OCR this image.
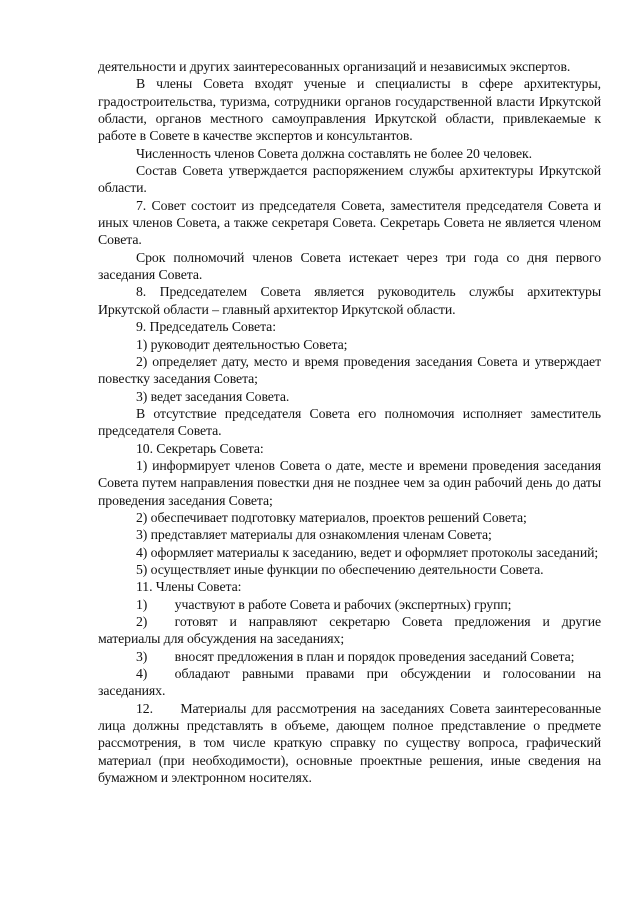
деятельности и других заинтересованных организаций и независимых экспертов.

В члены Совета входят ученые и специалисты в сфере архитектуры, градостроительства, туризма, сотрудники органов государственной власти Иркутской области, органов местного самоуправления Иркутской области, привлекаемые к работе в Совете в качестве экспертов и консультантов.

Численность членов Совета должна составлять не более 20 человек.

Состав Совета утверждается распоряжением службы архитектуры Иркутской области.

7. Совет состоит из председателя Совета, заместителя председателя Совета и иных членов Совета, а также секретаря Совета. Секретарь Совета не является членом Совета.

Срок полномочий членов Совета истекает через три года со дня первого заседания Совета.

8. Председателем Совета является руководитель службы архитектуры Иркутской области – главный архитектор Иркутской области.

9. Председатель Совета:

1) руководит деятельностью Совета;

2) определяет дату, место и время проведения заседания Совета и утверждает повестку заседания Совета;

3) ведет заседания Совета.

В отсутствие председателя Совета его полномочия исполняет заместитель председателя Совета.

10. Секретарь Совета:

1) информирует членов Совета о дате, месте и времени проведения заседания Совета путем направления повестки дня не позднее чем за один рабочий день до даты проведения заседания Совета;

2) обеспечивает подготовку материалов, проектов решений Совета;

3) представляет материалы для ознакомления членам Совета;

4) оформляет материалы к заседанию, ведет и оформляет протоколы заседаний;

5) осуществляет иные функции по обеспечению деятельности Совета.

11. Члены Совета:

1)  участвуют в работе Совета и рабочих (экспертных) групп;

2)  готовят и направляют секретарю Совета предложения и другие материалы для обсуждения на заседаниях;

3)  вносят предложения в план и порядок проведения заседаний Совета;

4)  обладают равными правами при обсуждении и голосовании на заседаниях.

12.  Материалы для рассмотрения на заседаниях Совета заинтересованные лица должны представлять в объеме, дающем полное представление о предмете рассмотрения, в том числе краткую справку по существу вопроса, графический материал (при необходимости), основные проектные решения, иные сведения на бумажном и электронном носителях.
